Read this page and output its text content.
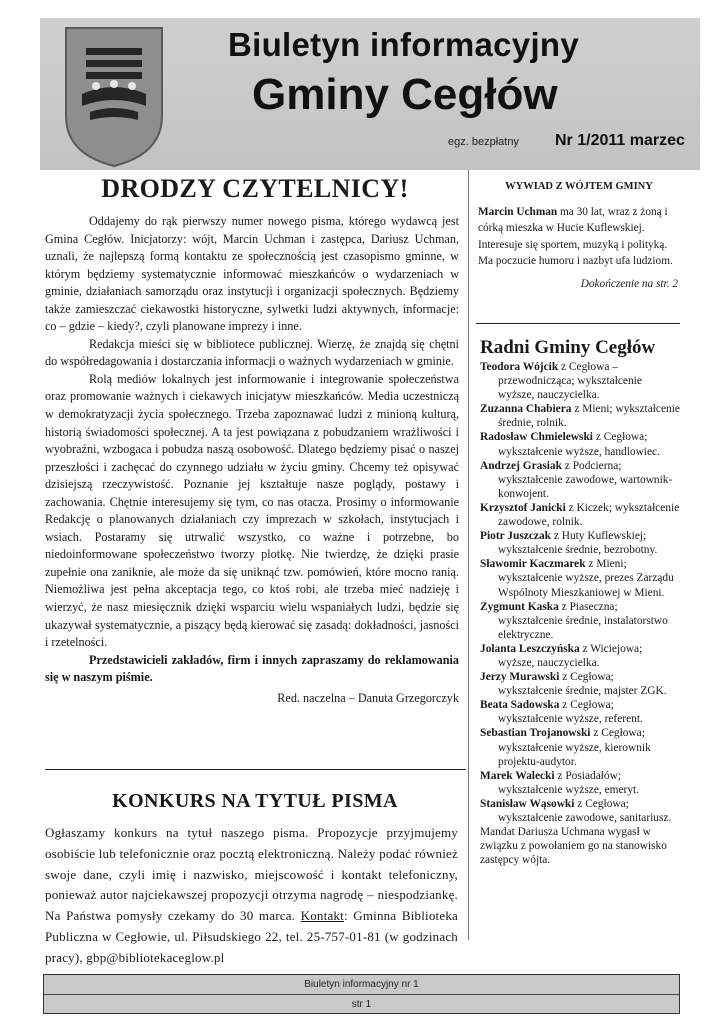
Biuletyn informacyjny
Gminy Cegłów
egz. bezpłatny Nr 1/2011 marzec
DRODZY CZYTELNICY!

Oddajemy do rąk pierwszy numer nowego pisma, którego wydawcą jest Gmina Cegłów. Inicjatorzy: wójt, Marcin Uchman i zastępca, Dariusz Uchman, uznali, że najlepszą formą kontaktu ze społecznością jest czasopismo gminne, w którym będziemy systematycznie informować mieszkańców o wydarzeniach w gminie, działaniach samorządu oraz instytucji i organizacji społecznych. Będziemy także zamieszczać ciekawostki historyczne, sylwetki ludzi aktywnych, informacje: co – gdzie – kiedy?, czyli planowane imprezy i inne.

Redakcja mieści się w bibliotece publicznej. Wierzę, że znajdą się chętni do współredagowania i dostarczania informacji o ważnych wydarzeniach w gminie.

Rolą mediów lokalnych jest informowanie i integrowanie społeczeństwa oraz promowanie ważnych i ciekawych inicjatyw mieszkańców. Media uczestniczą w demokratyzacji życia społecznego. Trzeba zapoznawać ludzi z minioną kulturą, historią świadomości społecznej. A ta jest powiązana z pobudzaniem wrażliwości i wyobraźni, wzbogaca i pobudza naszą osobowość. Dlatego będziemy pisać o naszej przeszłości i zachęcać do czynnego udziału w życiu gminy. Chcemy też opisywać dzisiejszą rzeczywistość. Poznanie jej kształtuje nasze poglądy, postawy i zachowania. Chętnie interesujemy się tym, co nas otacza. Prosimy o informowanie Redakcję o planowanych działaniach czy imprezach w szkołach, instytucjach i wsiach. Postaramy się utrwalić wszystko, co ważne i potrzebne, bo niedoinformowane społeczeństwo tworzy plotkę. Nie twierdzę, że dzięki prasie zupełnie ona zaniknie, ale może da się uniknąć tzw. pomówień, które mocno ranią. Niemożliwa jest pełna akceptacja tego, co ktoś robi, ale trzeba mieć nadzieję i wierzyć, że nasz miesięcznik dzięki wsparciu wielu wspaniałych ludzi, będzie się ukazywał systematycznie, a piszący będą kierować się zasadą: dokładności, jasności i rzetelności.

Przedstawicieli zakładów, firm i innych zapraszamy do reklamowania się w naszym piśmie.

Red. naczelna – Danuta Grzegorczyk

KONKURS NA TYTUŁ PISMA
Ogłaszamy konkurs na tytuł naszego pisma. Propozycje przyjmujemy osobiście lub telefonicznie oraz pocztą elektroniczną. Należy podać również swoje dane, czyli imię i nazwisko, miejscowość i kontakt telefoniczny, ponieważ autor najciekawszej propozycji otrzyma nagrodę – niespodziankę. Na Państwa pomysły czekamy do 30 marca. Kontakt: Gminna Biblioteka Publiczna w Cegłowie, ul. Piłsudskiego 22, tel. 25-757-01-81 (w godzinach pracy), gbp@bibliotekaceglow.pl
WYWIAD Z WÓJTEM GMINY
Marcin Uchman ma 30 lat, wraz z żoną i córką mieszka w Hucie Kuflewskiej. Interesuje się sportem, muzyką i polityką. Ma poczucie humoru i nazbyt ufa ludziom.
Dokończenie na str. 2
Radni Gminy Cegłów
Teodora Wójcik z Cegłowa – przewodnicząca; wykształcenie wyższe, nauczycielka.
Zuzanna Chabiera z Mieni; wykształcenie średnie, rolnik.
Radosław Chmielewski z Cegłowa; wykształcenie wyższe, handlowiec.
Andrzej Grasiak z Podcierna; wykształcenie zawodowe, wartownik-konwojent.
Krzysztof Janicki z Kiczek; wykształcenie zawodowe, rolnik.
Piotr Juszczak z Huty Kuflewskiej; wykształcenie średnie, bezrobotny.
Sławomir Kaczmarek z Mieni; wykształcenie wyższe, prezes Zarządu Wspólnoty Mieszkaniowej w Mieni.
Zygmunt Kaska z Piaseczna; wykształcenie średnie, instalatorstwo elektryczne.
Jolanta Leszczyńska z Wiciejowa; wyższe, nauczycielka.
Jerzy Murawski z Cegłowa; wykształcenie średnie, majster ZGK.
Beata Sadowska z Cegłowa; wykształcenie wyższe, referent.
Sebastian Trojanowski z Cegłowa; wykształcenie wyższe, kierownik projektu-audytor.
Marek Walecki z Posiadałów; wykształcenie wyższe, emeryt.
Stanisław Wąsowki z Cegłowa; wykształcenie zawodowe, sanitariusz.
Mandat Dariusza Uchmana wygasł w związku z powołaniem go na stanowisko zastępcy wójta.
Biuletyn informacyjny nr 1
str 1
